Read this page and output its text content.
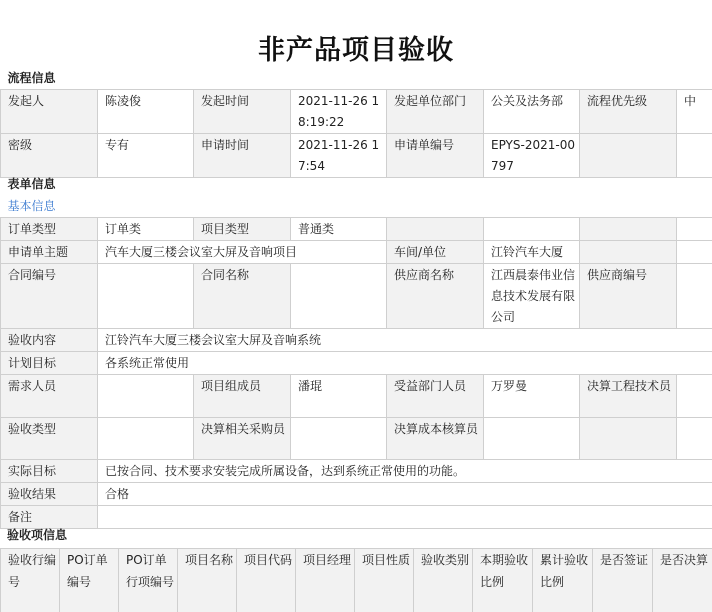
非产品项目验收
流程信息							
发起人	陈凌俊	发起时间	2021-11-26 18:19:22	发起单位部门	公关及法务部	流程优先级	中
密级	专有	申请时间	2021-11-26 17:54	申请单编号	EPYS-2021-00797		
表单信息							
基本信息							
订单类型	订单类	项目类型	普通类				
申请单主题	汽车大厦三楼会议室大屏及音响项目			车间/单位	江铃汽车大厦		
合同编号		合同名称		供应商名称	江西晨泰伟业信息技术发展有限公司	供应商编号	
验收内容	江铃汽车大厦三楼会议室大屏及音响系统						
计划目标	各系统正常使用						
需求人员		项目组成员	潘琨	受益部门人员	万罗曼	决算工程技术员	
验收类型		决算相关采购员		决算成本核算员			
实际目标	已按合同、技术要求安装完成所属设备，达到系统正常使用的功能。						
验收结果	合格						
备注							
验收项信息
验收行编号	PO订单编号	PO订单行项编号	项目名称	项目代码	项目经理	项目性质	验收类别	本期验收比例	累计验收比例	是否签证	是否决算
